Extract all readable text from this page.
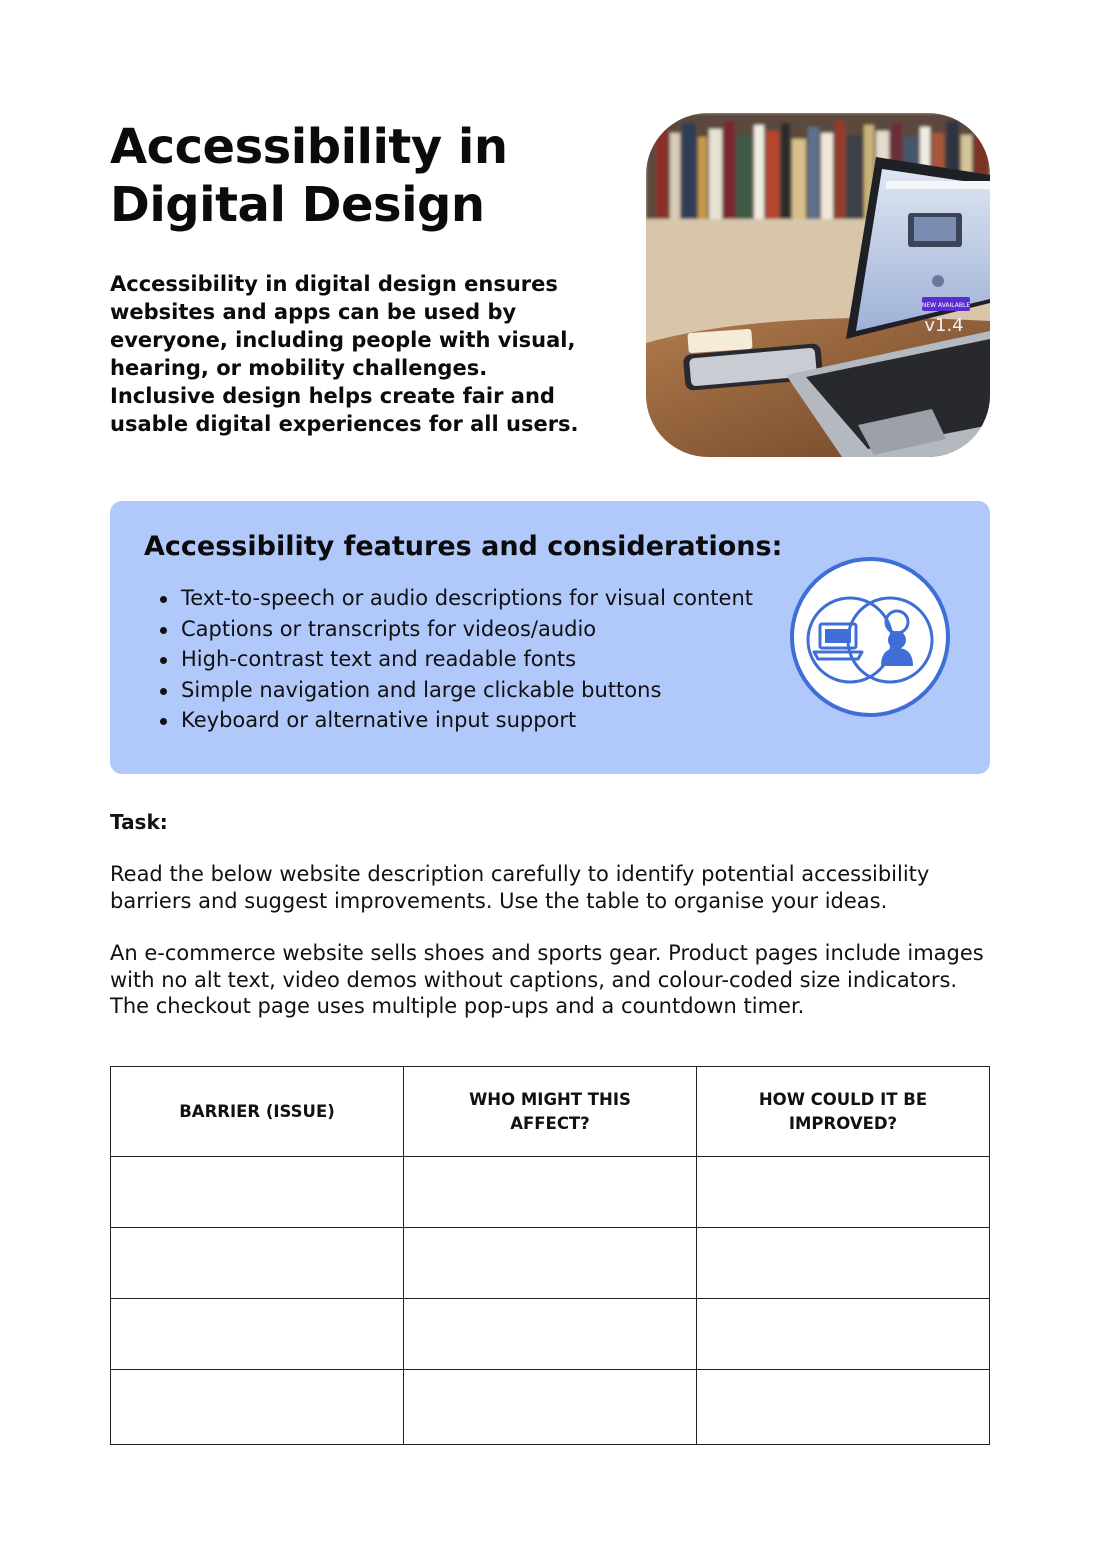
Accessibility in Digital Design

Accessibility in digital design ensures websites and apps can be used by everyone, including people with visual, hearing, or mobility challenges. Inclusive design helps create fair and usable digital experiences for all users.

NEW AVAILABLE
v1.4
Accessibility features and considerations:
Text-to-speech or audio descriptions for visual content
Captions or transcripts for videos/audio
High-contrast text and readable fonts
Simple navigation and large clickable buttons
Keyboard or alternative input support

Task:

Read the below website description carefully to identify potential accessibility barriers and suggest improvements. Use the table to organise your ideas.

An e-commerce website sells shoes and sports gear. Product pages include images with no alt text, video demos without captions, and colour-coded size indicators. The checkout page uses multiple pop-ups and a countdown timer.

BARRIER (ISSUE)	WHO MIGHT THIS AFFECT?	HOW COULD IT BE IMPROVED?
